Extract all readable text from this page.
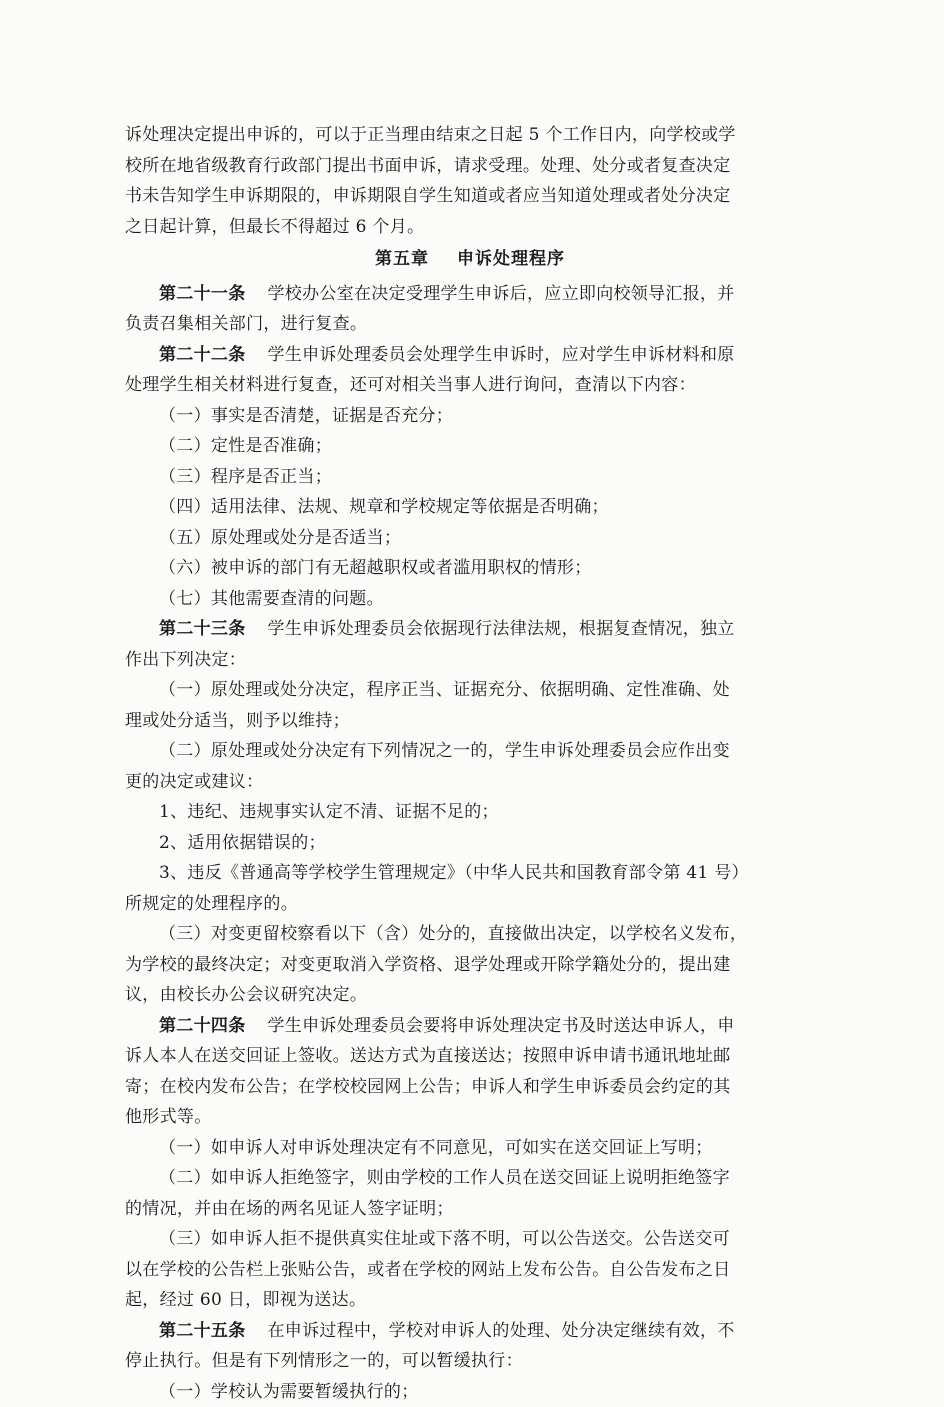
诉处理决定提出申诉的，可以于正当理由结束之日起 5 个工作日内，向学校或学

校所在地省级教育行政部门提出书面申诉，请求受理。处理、处分或者复查决定

书未告知学生申诉期限的，申诉期限自学生知道或者应当知道处理或者处分决定

之日起计算，但最长不得超过 6 个月。

第五章 申诉处理程序

第二十一条 学校办公室在决定受理学生申诉后，应立即向校领导汇报，并

负责召集相关部门，进行复查。

第二十二条 学生申诉处理委员会处理学生申诉时，应对学生申诉材料和原

处理学生相关材料进行复查，还可对相关当事人进行询问，查清以下内容：

（一）事实是否清楚，证据是否充分；

（二）定性是否准确；

（三）程序是否正当；

（四）适用法律、法规、规章和学校规定等依据是否明确；

（五）原处理或处分是否适当；

（六）被申诉的部门有无超越职权或者滥用职权的情形；

（七）其他需要查清的问题。

第二十三条 学生申诉处理委员会依据现行法律法规，根据复查情况，独立

作出下列决定：

（一）原处理或处分决定，程序正当、证据充分、依据明确、定性准确、处

理或处分适当，则予以维持；

（二）原处理或处分决定有下列情况之一的，学生申诉处理委员会应作出变

更的决定或建议：

1、违纪、违规事实认定不清、证据不足的；

2、适用依据错误的；

3、违反《普通高等学校学生管理规定》（中华人民共和国教育部令第 41 号）

所规定的处理程序的。

（三）对变更留校察看以下（含）处分的，直接做出决定，以学校名义发布，

为学校的最终决定；对变更取消入学资格、退学处理或开除学籍处分的，提出建

议，由校长办公会议研究决定。

第二十四条 学生申诉处理委员会要将申诉处理决定书及时送达申诉人，申

诉人本人在送交回证上签收。送达方式为直接送达；按照申诉申请书通讯地址邮

寄；在校内发布公告；在学校校园网上公告；申诉人和学生申诉委员会约定的其

他形式等。

（一）如申诉人对申诉处理决定有不同意见，可如实在送交回证上写明；

（二）如申诉人拒绝签字，则由学校的工作人员在送交回证上说明拒绝签字

的情况，并由在场的两名见证人签字证明；

（三）如申诉人拒不提供真实住址或下落不明，可以公告送交。公告送交可

以在学校的公告栏上张贴公告，或者在学校的网站上发布公告。自公告发布之日

起，经过 60 日，即视为送达。

第二十五条 在申诉过程中，学校对申诉人的处理、处分决定继续有效，不

停止执行。但是有下列情形之一的，可以暂缓执行：

（一）学校认为需要暂缓执行的；
